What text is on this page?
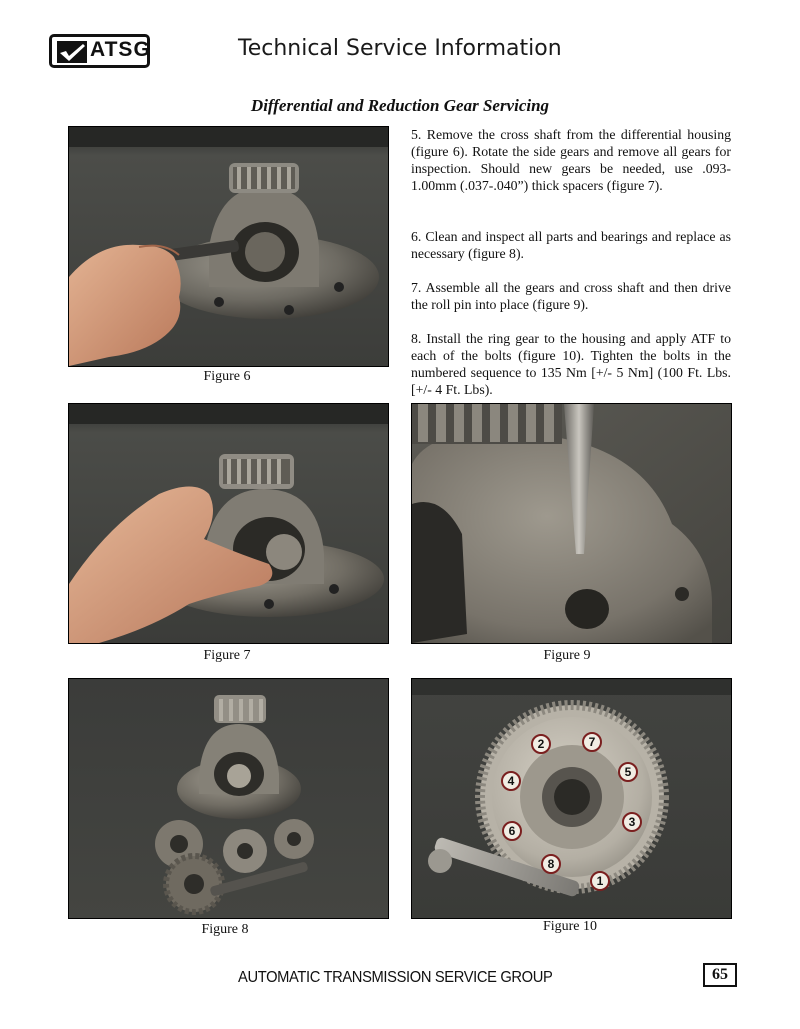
ATSG	Technical Service Information
Differential and Reduction Gear Servicing
5. Remove the cross shaft from the differential housing (figure 6). Rotate the side gears and remove all gears for inspection. Should new gears be needed, use .093-1.00mm (.037-.040”) thick spacers (figure 7).
6. Clean and inspect all parts and bearings and replace as necessary (figure 8).
7. Assemble all the gears and cross shaft and then drive the roll pin into place (figure 9).
8. Install the ring gear to the housing and apply ATF to each of the bolts (figure 10). Tighten the bolts in the numbered sequence to 135 Nm [+/- 5 Nm] (100 Ft. Lbs. [+/- 4 Ft. Lbs).
Figure 6
Figure 7	Figure 9
Figure 8
1
2
3
4
5
6
7
8
Figure 10
AUTOMATIC TRANSMISSION SERVICE GROUP	65
